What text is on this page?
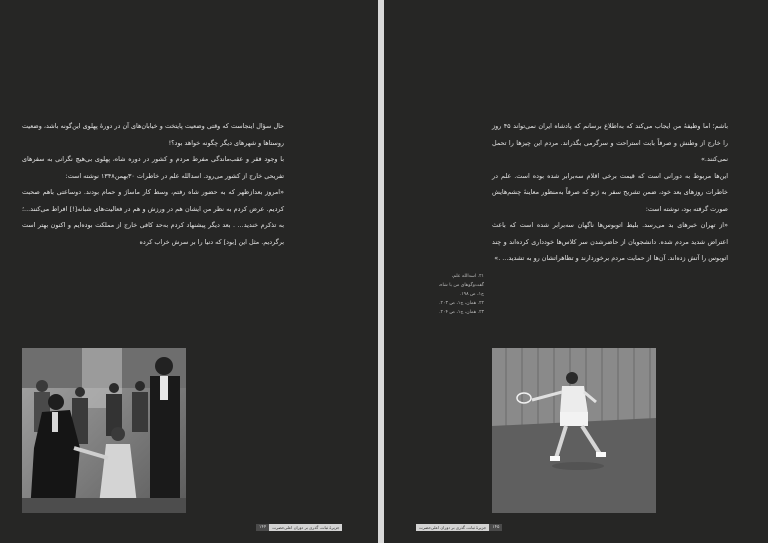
حال سؤال اینجاست که وقتی وضعیت پایتخت و خیابان‌های آن در دورهٔ پهلوی این‌گونه باشد، وضعیت روستاها و شهرهای دیگر چگونه خواهد بود؟!

با وجود فقر و عقب‌ماندگی مفرط مردم و کشور در دوره شاه، پهلوی بی‌هیچ نگرانی به سفرهای تفریحی خارج از کشور می‌رود. اسدالله علم در خاطرات ۳۰بهمن۱۳۴۸ نوشته است:

«امروز بعدازظهر که به حضور شاه رفتم، وسط کار ماساژ و حمام بودند. دوساعتی باهم صحبت کردیم. عرض کردم به نظر من ایشان هم در ورزش و هم در فعالیت‌های شبانه[!] افراط می‌کنند...؛ به تذکرم خندید... . بعد دیگر پیشنهاد کردم به‌حد کافی خارج از مملکت بوده‌ایم و اکنون بهتر است برگردیم. مثل این [بود] که دنیا را بر سرش خراب کرده

جزیرهٔ ثبات، گذری بر دوران اعلی‌حضرت
۱۴۴

باشم؛ اما وظیفهٔ من ایجاب می‌کند که به‌اطلاع برسانم که پادشاه ایران نمی‌تواند ۴۵ روز را خارج از وطنش و صرفاً بابت استراحت و سرگرمی بگذراند. مردم این چیزها را تحمل نمی‌کنند.»

این‌ها مربوط به دورانی است که قیمت برخی اقلام سه‌برابر شده بوده است. علم در خاطرات روزهای بعد خود، ضمن تشریح سفر به ژنو که صرفاً به‌منظور معاینهٔ چشم‌هایش صورت گرفته بود، نوشته است:

«از تهران خبرهای بد می‌رسد. بلیط اتوبوس‌ها ناگهان سه‌برابر شده است که باعث اعتراض شدید مردم شده. دانشجویان از حاضرشدن سر کلاس‌ها خودداری کرده‌اند و چند اتوبوس را آتش زده‌اند. آن‌ها از حمایت مردم برخوردارند و تظاهراتشان رو به تشدید... .»

۲۱. اسدالله علم،
گفت‌وگوهای من با شاه،
ج۱، ص ۱۹۸.
۲۲. همان، ج۱، ص ۲۰۳.
۲۳. همان، ج۱، ص ۲۰۴.
۱۴۵
جزیرهٔ ثبات، گذری بر دوران اعلی‌حضرت
